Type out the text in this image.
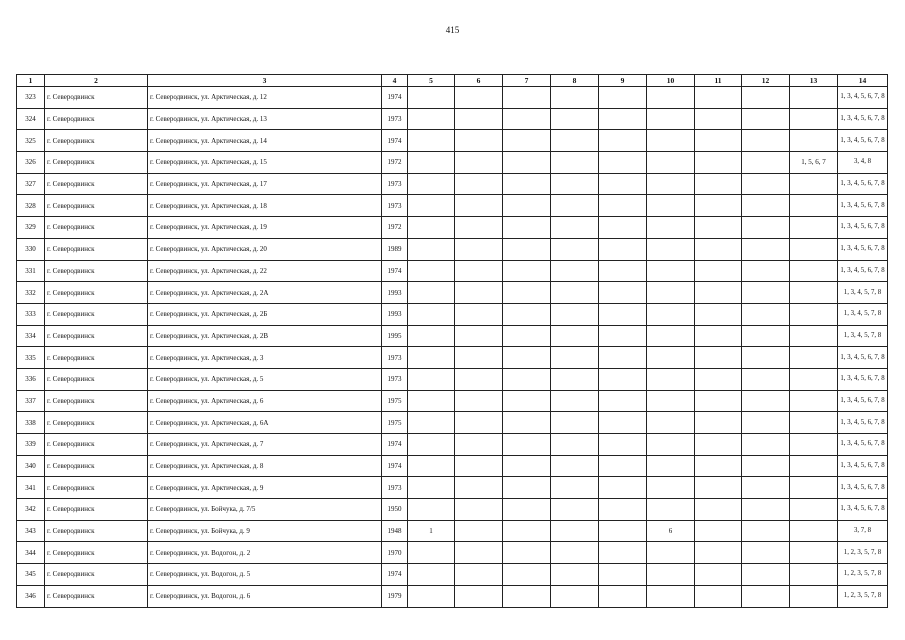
415
1	2	3	4	5	6	7	8	9	10	11	12	13	14
323	г. Северодвинск	г. Северодвинск, ул. Арктическая, д. 12	1974										1, 3, 4, 5, 6, 7, 8
324	г. Северодвинск	г. Северодвинск, ул. Арктическая, д. 13	1973										1, 3, 4, 5, 6, 7, 8
325	г. Северодвинск	г. Северодвинск, ул. Арктическая, д. 14	1974										1, 3, 4, 5, 6, 7, 8
326	г. Северодвинск	г. Северодвинск, ул. Арктическая, д. 15	1972									1, 5, 6, 7	3, 4, 8
327	г. Северодвинск	г. Северодвинск, ул. Арктическая, д. 17	1973										1, 3, 4, 5, 6, 7, 8
328	г. Северодвинск	г. Северодвинск, ул. Арктическая, д. 18	1973										1, 3, 4, 5, 6, 7, 8
329	г. Северодвинск	г. Северодвинск, ул. Арктическая, д. 19	1972										1, 3, 4, 5, 6, 7, 8
330	г. Северодвинск	г. Северодвинск, ул. Арктическая, д. 20	1989										1, 3, 4, 5, 6, 7, 8
331	г. Северодвинск	г. Северодвинск, ул. Арктическая, д. 22	1974										1, 3, 4, 5, 6, 7, 8
332	г. Северодвинск	г. Северодвинск, ул. Арктическая, д. 2А	1993										1, 3, 4, 5, 7, 8
333	г. Северодвинск	г. Северодвинск, ул. Арктическая, д. 2Б	1993										1, 3, 4, 5, 7, 8
334	г. Северодвинск	г. Северодвинск, ул. Арктическая, д. 2В	1995										1, 3, 4, 5, 7, 8
335	г. Северодвинск	г. Северодвинск, ул. Арктическая, д. 3	1973										1, 3, 4, 5, 6, 7, 8
336	г. Северодвинск	г. Северодвинск, ул. Арктическая, д. 5	1973										1, 3, 4, 5, 6, 7, 8
337	г. Северодвинск	г. Северодвинск, ул. Арктическая, д. 6	1975										1, 3, 4, 5, 6, 7, 8
338	г. Северодвинск	г. Северодвинск, ул. Арктическая, д. 6А	1975										1, 3, 4, 5, 6, 7, 8
339	г. Северодвинск	г. Северодвинск, ул. Арктическая, д. 7	1974										1, 3, 4, 5, 6, 7, 8
340	г. Северодвинск	г. Северодвинск, ул. Арктическая, д. 8	1974										1, 3, 4, 5, 6, 7, 8
341	г. Северодвинск	г. Северодвинск, ул. Арктическая, д. 9	1973										1, 3, 4, 5, 6, 7, 8
342	г. Северодвинск	г. Северодвинск, ул. Бойчука, д. 7/5	1950										1, 3, 4, 5, 6, 7, 8
343	г. Северодвинск	г. Северодвинск, ул. Бойчука, д. 9	1948	1					6				3, 7, 8
344	г. Северодвинск	г. Северодвинск, ул. Водогон, д. 2	1970										1, 2, 3, 5, 7, 8
345	г. Северодвинск	г. Северодвинск, ул. Водогон, д. 5	1974										1, 2, 3, 5, 7, 8
346	г. Северодвинск	г. Северодвинск, ул. Водогон, д. 6	1979										1, 2, 3, 5, 7, 8
